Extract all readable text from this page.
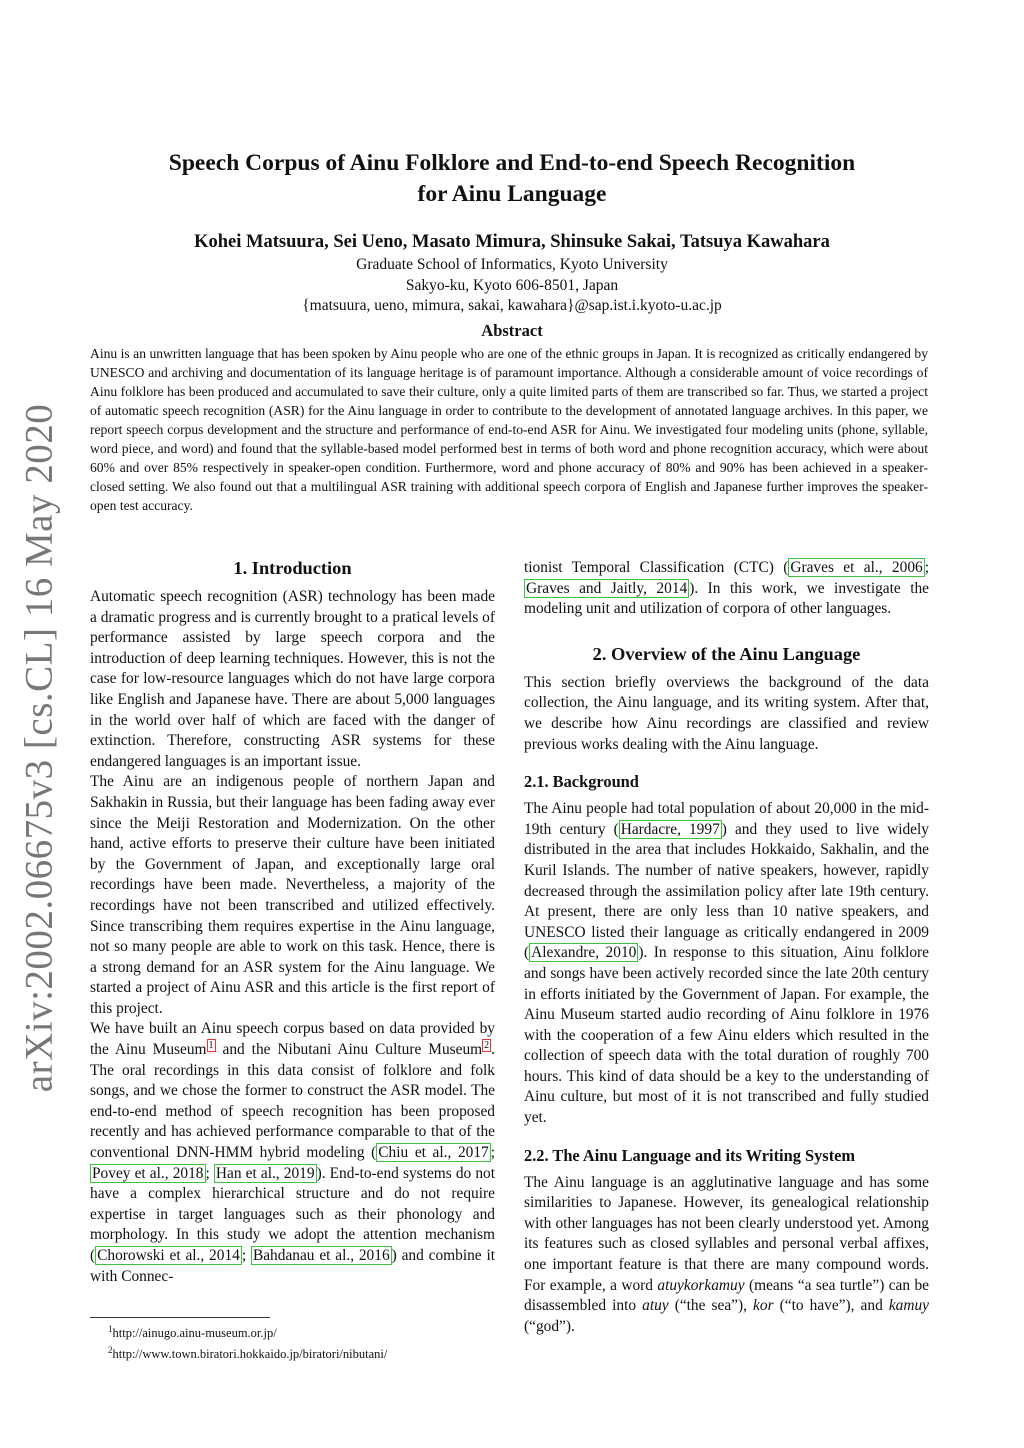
arXiv:2002.06675v3 [cs.CL] 16 May 2020
Speech Corpus of Ainu Folklore and End-to-end Speech Recognition
for Ainu Language
Kohei Matsuura, Sei Ueno, Masato Mimura, Shinsuke Sakai, Tatsuya Kawahara
Graduate School of Informatics, Kyoto University
Sakyo-ku, Kyoto 606-8501, Japan
{matsuura, ueno, mimura, sakai, kawahara}@sap.ist.i.kyoto-u.ac.jp
Abstract
Ainu is an unwritten language that has been spoken by Ainu people who are one of the ethnic groups in Japan. It is recognized as critically endangered by UNESCO and archiving and documentation of its language heritage is of paramount importance. Although a considerable amount of voice recordings of Ainu folklore has been produced and accumulated to save their culture, only a quite limited parts of them are transcribed so far. Thus, we started a project of automatic speech recognition (ASR) for the Ainu language in order to contribute to the development of annotated language archives. In this paper, we report speech corpus development and the structure and performance of end-to-end ASR for Ainu. We investigated four modeling units (phone, syllable, word piece, and word) and found that the syllable-based model performed best in terms of both word and phone recognition accuracy, which were about 60% and over 85% respectively in speaker-open condition. Furthermore, word and phone accuracy of 80% and 90% has been achieved in a speaker-closed setting. We also found out that a multilingual ASR training with additional speech corpora of English and Japanese further improves the speaker-open test accuracy.
1. Introduction

Automatic speech recognition (ASR) technology has been made a dramatic progress and is currently brought to a pratical levels of performance assisted by large speech corpora and the introduction of deep learning techniques. However, this is not the case for low-resource languages which do not have large corpora like English and Japanese have. There are about 5,000 languages in the world over half of which are faced with the danger of extinction. Therefore, constructing ASR systems for these endangered languages is an important issue.

The Ainu are an indigenous people of northern Japan and Sakhakin in Russia, but their language has been fading away ever since the Meiji Restoration and Modernization. On the other hand, active efforts to preserve their culture have been initiated by the Government of Japan, and exceptionally large oral recordings have been made. Nevertheless, a majority of the recordings have not been transcribed and utilized effectively. Since transcribing them requires expertise in the Ainu language, not so many people are able to work on this task. Hence, there is a strong demand for an ASR system for the Ainu language. We started a project of Ainu ASR and this article is the first report of this project.

We have built an Ainu speech corpus based on data provided by the Ainu Museum $^1$ and the Nibutani Ainu Culture Museum $^2$ . The oral recordings in this data consist of folklore and folk songs, and we chose the former to construct the ASR model. The end-to-end method of speech recognition has been proposed recently and has achieved performance comparable to that of the conventional DNN-HMM hybrid modeling ( Chiu et al., 2017 ; Povey et al., 2018 ; Han et al., 2019 ). End-to-end systems do not have a complex hierarchical structure and do not require expertise in target languages such as their phonology and morphology. In this study we adopt the attention mechanism ( Chorowski et al., 2014 ; Bahdanau et al., 2016 ) and combine it with Connec-

tionist Temporal Classification (CTC) ( Graves et al., 2006 ; Graves and Jaitly, 2014 ). In this work, we investigate the modeling unit and utilization of corpora of other languages.

2. Overview of the Ainu Language

This section briefly overviews the background of the data collection, the Ainu language, and its writing system. After that, we describe how Ainu recordings are classified and review previous works dealing with the Ainu language.

2.1. Background

The Ainu people had total population of about 20,000 in the mid-19th century ( Hardacre, 1997 ) and they used to live widely distributed in the area that includes Hokkaido, Sakhalin, and the Kuril Islands. The number of native speakers, however, rapidly decreased through the assimilation policy after late 19th century. At present, there are only less than 10 native speakers, and UNESCO listed their language as critically endangered in 2009 ( Alexandre, 2010 ). In response to this situation, Ainu folklore and songs have been actively recorded since the late 20th century in efforts initiated by the Government of Japan. For example, the Ainu Museum started audio recording of Ainu folklore in 1976 with the cooperation of a few Ainu elders which resulted in the collection of speech data with the total duration of roughly 700 hours. This kind of data should be a key to the understanding of Ainu culture, but most of it is not transcribed and fully studied yet.

2.2. The Ainu Language and its Writing System

The Ainu language is an agglutinative language and has some similarities to Japanese. However, its genealogical relationship with other languages has not been clearly understood yet. Among its features such as closed syllables and personal verbal affixes, one important feature is that there are many compound words. For example, a word atuykorkamuy (means “a sea turtle”) can be disassembled into atuy (“the sea”), kor (“to have”), and kamuy (“god”).

$^1$http://ainugo.ainu-museum.or.jp/
$^2$http://www.town.biratori.hokkaido.jp/biratori/nibutani/
